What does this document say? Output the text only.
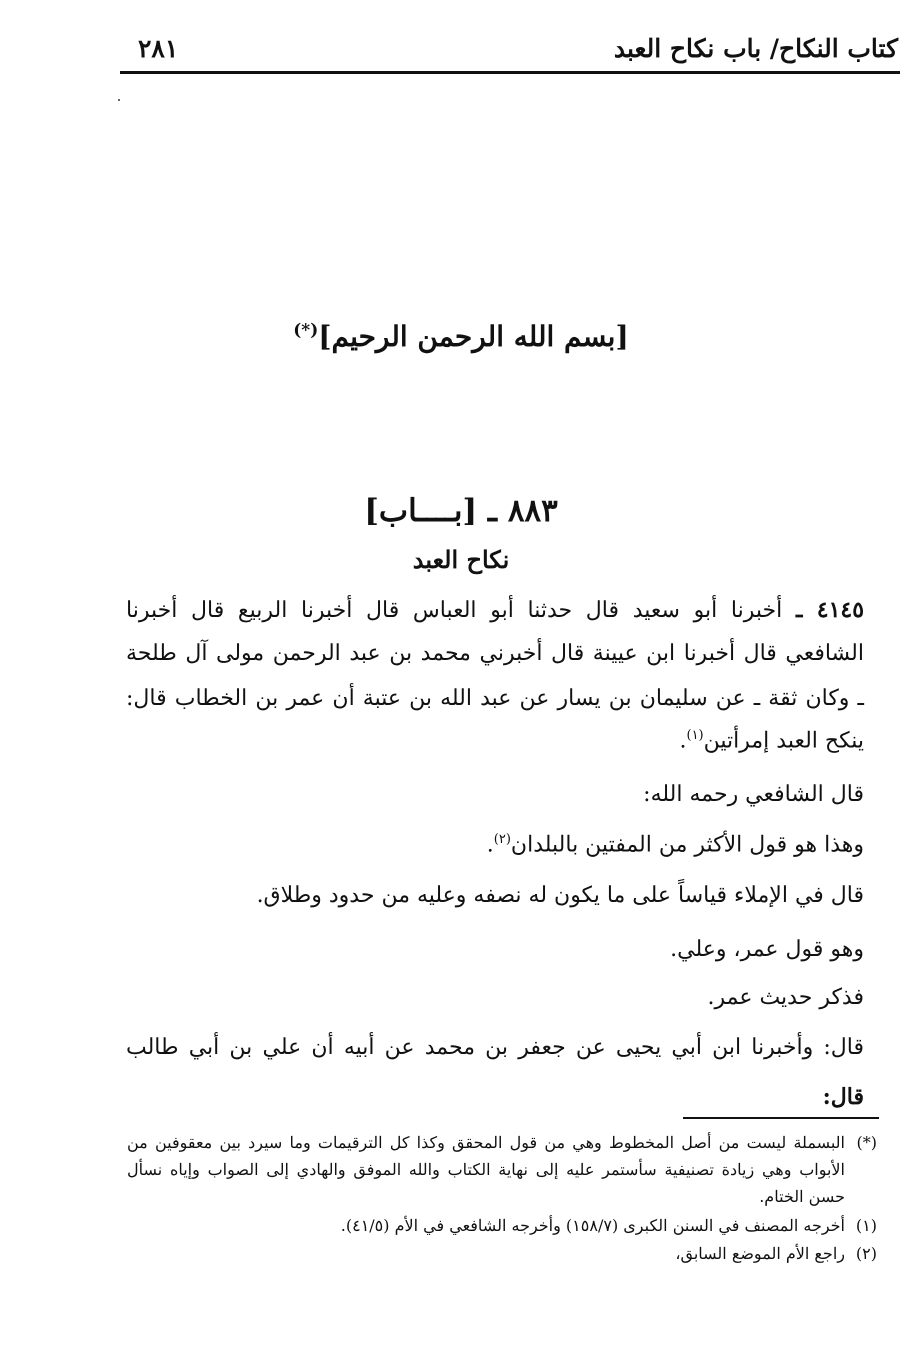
كتاب النكاح/ باب نكاح العبد
٢٨١
[بسم الله الرحمن الرحيم](*)
٨٨٣ ـ [بــــاب]
نكاح العبد
٤١٤٥ ـ أخبرنا أبو سعيد قال حدثنا أبو العباس قال أخبرنا الربيع قال أخبرنا
الشافعي قال أخبرنا ابن عيينة قال أخبرني محمد بن عبد الرحمن مولى آل طلحة
ـ وكان ثقة ـ عن سليمان بن يسار عن عبد الله بن عتبة أن عمر بن الخطاب قال:
ينكح العبد إمرأتين$^{(١)}$.
قال الشافعي رحمه الله:
وهذا هو قول الأكثر من المفتين بالبلدان$^{(٢)}$.
قال في الإملاء قياساً على ما يكون له نصفه وعليه من حدود وطلاق.
وهو قول عمر، وعلي.
فذكر حديث عمر.
قال: وأخبرنا ابن أبي يحيى عن جعفر بن محمد عن أبيه أن علي بن أبي طالب
قال:
(*)البسملة ليست من أصل المخطوط وهي من قول المحقق وكذا كل الترقيمات وما سيرد بين معقوفين من
الأبواب وهي زيادة تصنيفية سأستمر عليه إلى نهاية الكتاب والله الموفق والهادي إلى الصواب وإياه نسأل
حسن الختام.
(١)أخرجه المصنف في السنن الكبرى (١٥٨/٧) وأخرجه الشافعي في الأم (٤١/٥).
(٢)راجع الأم الموضع السابق،
